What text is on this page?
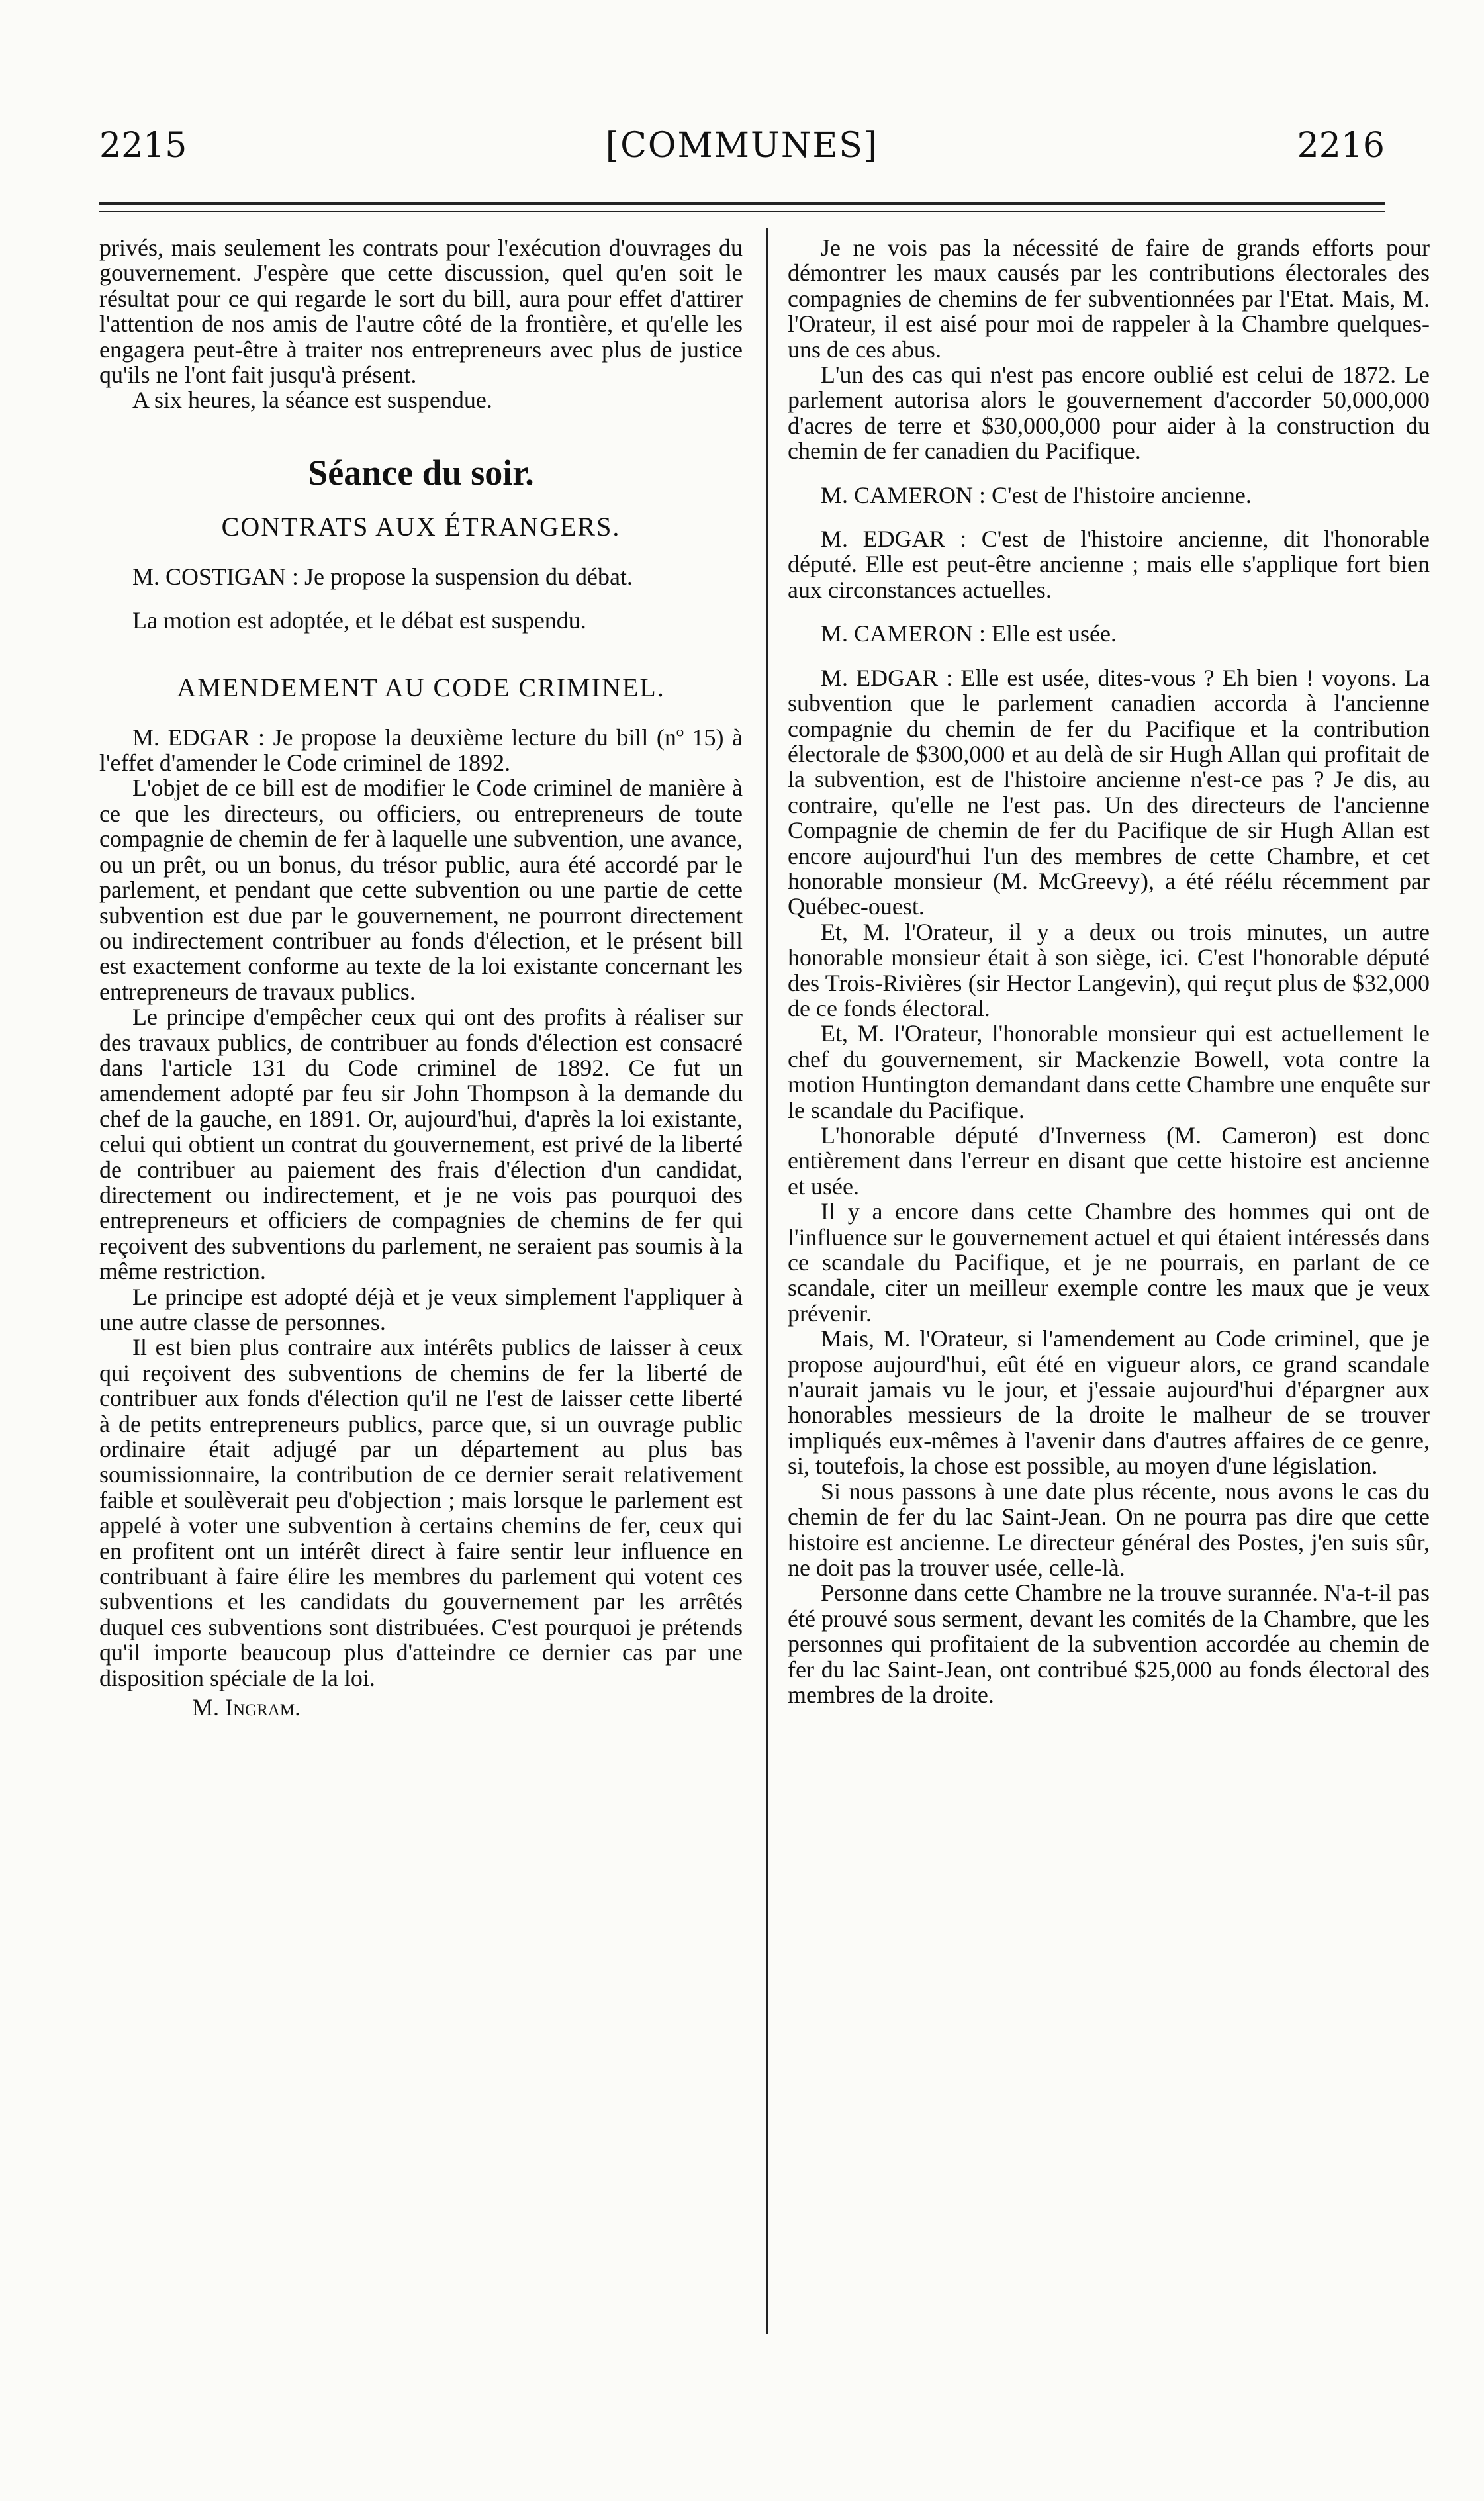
2215	[COMMUNES]	2216

privés, mais seulement les contrats pour l'exécution d'ouvrages du gouvernement. J'espère que cette discussion, quel qu'en soit le résultat pour ce qui regarde le sort du bill, aura pour effet d'attirer l'attention de nos amis de l'autre côté de la frontière, et qu'elle les engagera peut-être à traiter nos entrepreneurs avec plus de justice qu'ils ne l'ont fait jusqu'à présent.

A six heures, la séance est suspendue.

Séance du soir.
CONTRATS AUX ÉTRANGERS.

M. COSTIGAN : Je propose la suspension du débat.

La motion est adoptée, et le débat est suspendu.

AMENDEMENT AU CODE CRIMINEL.

M. EDGAR : Je propose la deuxième lecture du bill (nº 15) à l'effet d'amender le Code criminel de 1892.

L'objet de ce bill est de modifier le Code criminel de manière à ce que les directeurs, ou officiers, ou entrepreneurs de toute compagnie de chemin de fer à laquelle une subvention, une avance, ou un prêt, ou un bonus, du trésor public, aura été accordé par le parlement, et pendant que cette subvention ou une partie de cette subvention est due par le gouvernement, ne pourront directement ou indirectement contribuer au fonds d'élection, et le présent bill est exactement conforme au texte de la loi existante concernant les entrepreneurs de travaux publics.

Le principe d'empêcher ceux qui ont des profits à réaliser sur des travaux publics, de contribuer au fonds d'élection est consacré dans l'article 131 du Code criminel de 1892. Ce fut un amendement adopté par feu sir John Thompson à la demande du chef de la gauche, en 1891. Or, aujourd'hui, d'après la loi existante, celui qui obtient un contrat du gouvernement, est privé de la liberté de contribuer au paiement des frais d'élection d'un candidat, directement ou indirectement, et je ne vois pas pourquoi des entrepreneurs et officiers de compagnies de chemins de fer qui reçoivent des subventions du parlement, ne seraient pas soumis à la même restriction.

Le principe est adopté déjà et je veux simplement l'appliquer à une autre classe de personnes.

Il est bien plus contraire aux intérêts publics de laisser à ceux qui reçoivent des subventions de chemins de fer la liberté de contribuer aux fonds d'élection qu'il ne l'est de laisser cette liberté à de petits entrepreneurs publics, parce que, si un ouvrage public ordinaire était adjugé par un département au plus bas soumissionnaire, la contribution de ce dernier serait relativement faible et soulèverait peu d'objection ; mais lorsque le parlement est appelé à voter une subvention à certains chemins de fer, ceux qui en profitent ont un intérêt direct à faire sentir leur influence en contribuant à faire élire les membres du parlement qui votent ces subventions et les candidats du gouvernement par les arrêtés duquel ces subventions sont distribuées. C'est pourquoi je prétends qu'il importe beaucoup plus d'atteindre ce dernier cas par une disposition spéciale de la loi.

M. Ingram.

Je ne vois pas la nécessité de faire de grands efforts pour démontrer les maux causés par les contributions électorales des compagnies de chemins de fer subventionnées par l'Etat. Mais, M. l'Orateur, il est aisé pour moi de rappeler à la Chambre quelques-uns de ces abus.

L'un des cas qui n'est pas encore oublié est celui de 1872. Le parlement autorisa alors le gouvernement d'accorder 50,000,000 d'acres de terre et $30,000,000 pour aider à la construction du chemin de fer canadien du Pacifique.

M. CAMERON : C'est de l'histoire ancienne.

M. EDGAR : C'est de l'histoire ancienne, dit l'honorable député. Elle est peut-être ancienne ; mais elle s'applique fort bien aux circonstances actuelles.

M. CAMERON : Elle est usée.

M. EDGAR : Elle est usée, dites-vous ? Eh bien ! voyons. La subvention que le parlement canadien accorda à l'ancienne compagnie du chemin de fer du Pacifique et la contribution électorale de $300,000 et au delà de sir Hugh Allan qui profitait de la subvention, est de l'histoire ancienne n'est-ce pas ? Je dis, au contraire, qu'elle ne l'est pas. Un des directeurs de l'ancienne Compagnie de chemin de fer du Pacifique de sir Hugh Allan est encore aujourd'hui l'un des membres de cette Chambre, et cet honorable monsieur (M. McGreevy), a été réélu récemment par Québec-ouest.

Et, M. l'Orateur, il y a deux ou trois minutes, un autre honorable monsieur était à son siège, ici. C'est l'honorable député des Trois-Rivières (sir Hector Langevin), qui reçut plus de $32,000 de ce fonds électoral.

Et, M. l'Orateur, l'honorable monsieur qui est actuellement le chef du gouvernement, sir Mackenzie Bowell, vota contre la motion Huntington demandant dans cette Chambre une enquête sur le scandale du Pacifique.

L'honorable député d'Inverness (M. Cameron) est donc entièrement dans l'erreur en disant que cette histoire est ancienne et usée.

Il y a encore dans cette Chambre des hommes qui ont de l'influence sur le gouvernement actuel et qui étaient intéressés dans ce scandale du Pacifique, et je ne pourrais, en parlant de ce scandale, citer un meilleur exemple contre les maux que je veux prévenir.

Mais, M. l'Orateur, si l'amendement au Code criminel, que je propose aujourd'hui, eût été en vigueur alors, ce grand scandale n'aurait jamais vu le jour, et j'essaie aujourd'hui d'épargner aux honorables messieurs de la droite le malheur de se trouver impliqués eux-mêmes à l'avenir dans d'autres affaires de ce genre, si, toutefois, la chose est possible, au moyen d'une législation.

Si nous passons à une date plus récente, nous avons le cas du chemin de fer du lac Saint-Jean. On ne pourra pas dire que cette histoire est ancienne. Le directeur général des Postes, j'en suis sûr, ne doit pas la trouver usée, celle-là.

Personne dans cette Chambre ne la trouve surannée. N'a-t-il pas été prouvé sous serment, devant les comités de la Chambre, que les personnes qui profitaient de la subvention accordée au chemin de fer du lac Saint-Jean, ont contribué $25,000 au fonds électoral des membres de la droite.
